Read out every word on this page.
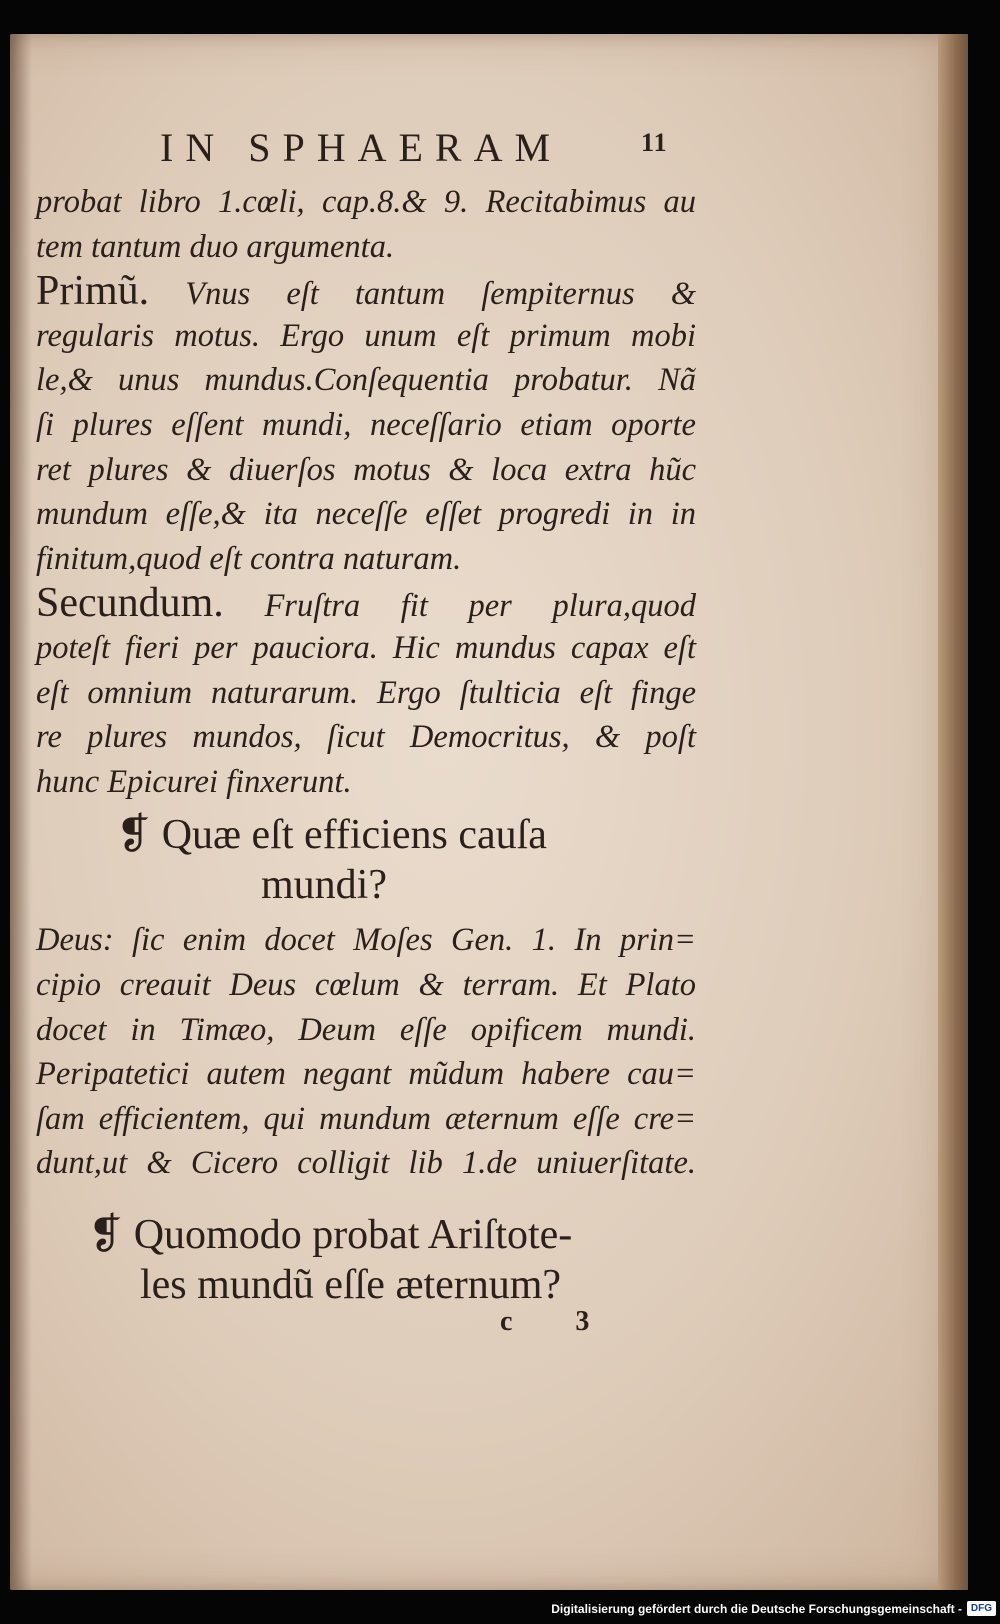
IN SPHAERAM	11
probat libro 1.cœli, cap.8.& 9. Recitabimus au
tem tantum duo argumenta.
Primũ. Vnus eſt tantum ſempiternus &
regularis motus. Ergo unum eſt primum mobi
le,& unus mundus.Conſequentia probatur. Nã
ſi plures eſſent mundi, neceſſario etiam oporte
ret plures & diuerſos motus & loca extra hũc
mundum eſſe,& ita neceſſe eſſet progredi in in
finitum,quod eſt contra naturam.
Secundum. Fruſtra fit per plura,quod
poteſt fieri per pauciora. Hic mundus capax eſt
eſt omnium naturarum. Ergo ſtulticia eſt finge
re plures mundos, ſicut Democritus, & poſt
hunc Epicurei finxerunt.
❡ Quæ eſt efficiens cauſa
mundi?
Deus: ſic enim docet Moſes Gen. 1. In prin=
cipio creauit Deus cœlum & terram. Et Plato
docet in Timæo, Deum eſſe opificem mundi.
Peripatetici autem negant mũdum habere cau=
ſam efficientem, qui mundum æternum eſſe cre=
dunt,ut & Cicero colligit lib 1.de uniuerſitate.
❡ Quomodo probat Ariſtote-
les mundũ eſſe æternum?
c 3
Digitalisierung gefördert durch die Deutsche Forschungsgemeinschaft - DFG
